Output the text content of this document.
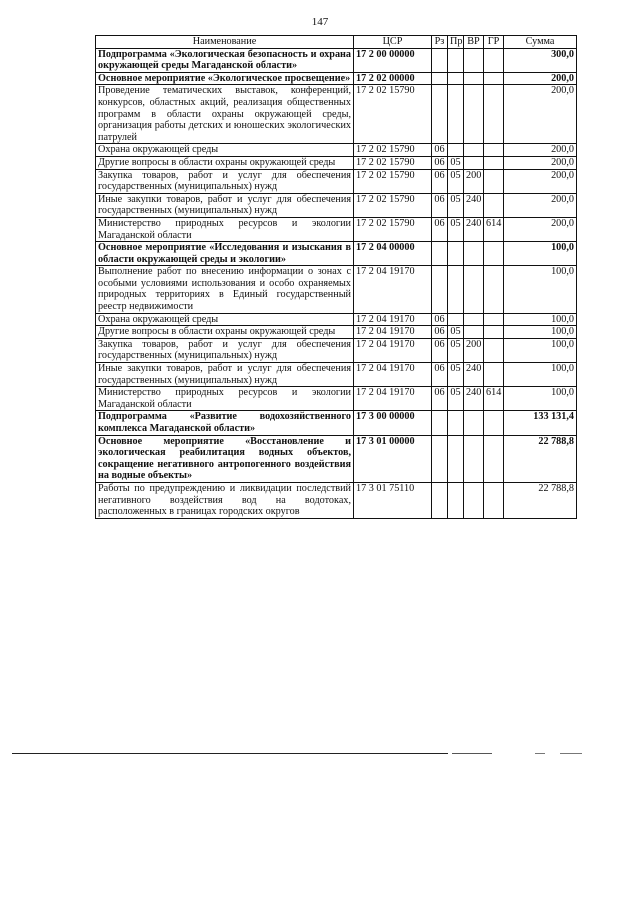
147
Наименование	ЦСР	Рз	Пр	ВР	ГР	Сумма
Подпрограмма «Экологическая безопасность и охрана окружающей среды Магаданской области»	17 2 00 00000					300,0
Основное мероприятие «Экологическое просвещение»	17 2 02 00000					200,0
Проведение тематических выставок, конференций, конкурсов, областных акций, реализация общественных программ в области охраны окружающей среды, организация работы детских и юношеских экологических патрулей	17 2 02 15790					200,0
Охрана окружающей среды	17 2 02 15790	06				200,0
Другие вопросы в области охраны окружающей среды	17 2 02 15790	06	05			200,0
Закупка товаров, работ и услуг для обеспечения государственных (муниципальных) нужд	17 2 02 15790	06	05	200		200,0
Иные закупки товаров, работ и услуг для обеспечения государственных (муниципальных) нужд	17 2 02 15790	06	05	240		200,0
Министерство природных ресурсов и экологии Магаданской области	17 2 02 15790	06	05	240	614	200,0
Основное мероприятие «Исследования и изыскания в области окружающей среды и экологии»	17 2 04 00000					100,0
Выполнение работ по внесению информации о зонах с особыми условиями использования и особо охраняемых природных территориях в Единый государственный реестр недвижимости	17 2 04 19170					100,0
Охрана окружающей среды	17 2 04 19170	06				100,0
Другие вопросы в области охраны окружающей среды	17 2 04 19170	06	05			100,0
Закупка товаров, работ и услуг для обеспечения государственных (муниципальных) нужд	17 2 04 19170	06	05	200		100,0
Иные закупки товаров, работ и услуг для обеспечения государственных (муниципальных) нужд	17 2 04 19170	06	05	240		100,0
Министерство природных ресурсов и экологии Магаданской области	17 2 04 19170	06	05	240	614	100,0
Подпрограмма «Развитие водохозяйственного комплекса Магаданской области»	17 3 00 00000					133 131,4
Основное мероприятие «Восстановление и экологическая реабилитация водных объектов, сокращение негативного антропогенного воздействия на водные объекты»	17 3 01 00000					22 788,8
Работы по предупреждению и ликвидации последствий негативного воздействия вод на водотоках, расположенных в границах городских округов	17 3 01 75110					22 788,8
